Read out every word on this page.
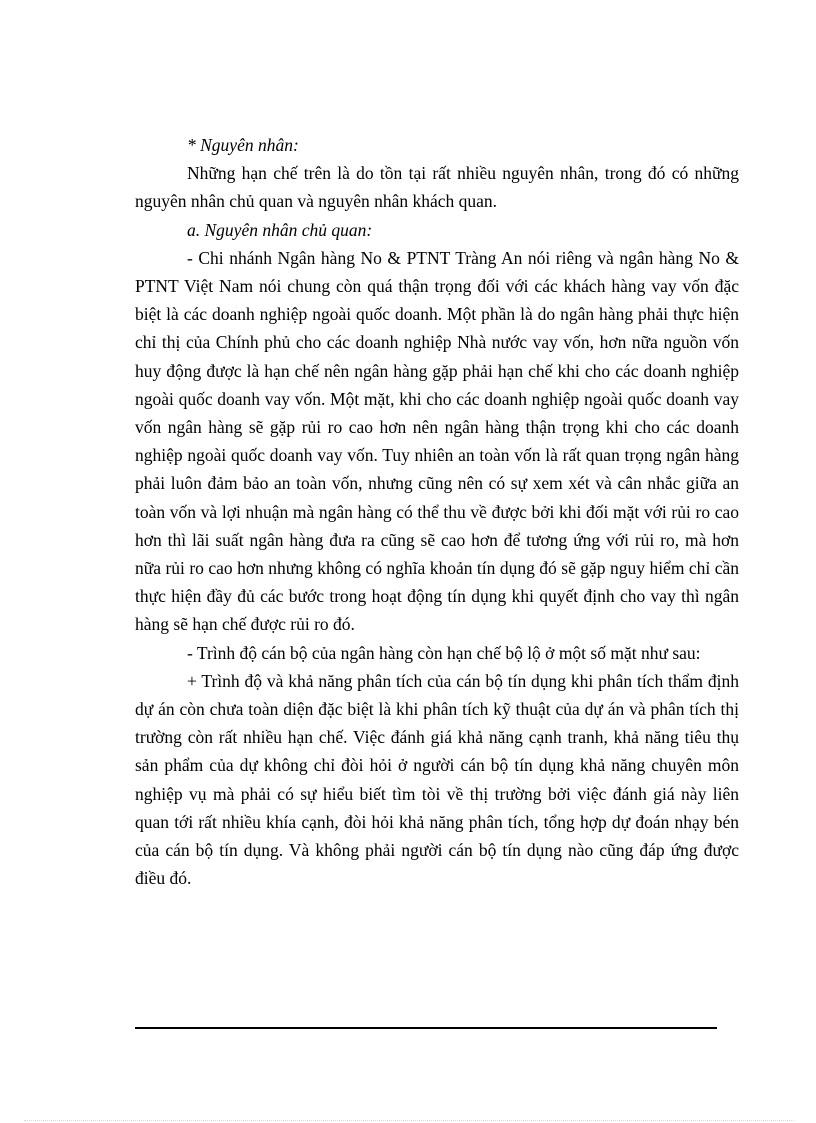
* Nguyên nhân:

Những hạn chế trên là do tồn tại rất nhiều nguyên nhân, trong đó có những nguyên nhân chủ quan và nguyên nhân khách quan.

a. Nguyên nhân chủ quan:

- Chi nhánh Ngân hàng No & PTNT Tràng An nói riêng và ngân hàng No & PTNT Việt Nam nói chung còn quá thận trọng đối với các khách hàng vay vốn đặc biệt là các doanh nghiệp ngoài quốc doanh. Một phần là do ngân hàng phải thực hiện chỉ thị của Chính phủ cho các doanh nghiệp Nhà nước vay vốn, hơn nữa nguồn vốn huy động được là hạn chế nên ngân hàng gặp phải hạn chế khi cho các doanh nghiệp ngoài quốc doanh vay vốn. Một mặt, khi cho các doanh nghiệp ngoài quốc doanh vay vốn ngân hàng sẽ gặp rủi ro cao hơn nên ngân hàng thận trọng khi cho các doanh nghiệp ngoài quốc doanh vay vốn. Tuy nhiên an toàn vốn là rất quan trọng ngân hàng phải luôn đảm bảo an toàn vốn, nhưng cũng nên có sự xem xét và cân nhắc giữa an toàn vốn và lợi nhuận mà ngân hàng có thể thu về được bởi khi đối mặt với rủi ro cao hơn thì lãi suất ngân hàng đưa ra cũng sẽ cao hơn để tương ứng với rủi ro, mà hơn nữa rủi ro cao hơn nhưng không có nghĩa khoản tín dụng đó sẽ gặp nguy hiểm chỉ cần thực hiện đầy đủ các bước trong hoạt động tín dụng khi quyết định cho vay thì ngân hàng sẽ hạn chế được rủi ro đó.

- Trình độ cán bộ của ngân hàng còn hạn chế bộ lộ ở một số mặt như sau:

+ Trình độ và khả năng phân tích của cán bộ tín dụng khi phân tích thẩm định dự án còn chưa toàn diện đặc biệt là khi phân tích kỹ thuật của dự án và phân tích thị trường còn rất nhiều hạn chế. Việc đánh giá khả năng cạnh tranh, khả năng tiêu thụ sản phẩm của dự không chỉ đòi hỏi ở người cán bộ tín dụng khả năng chuyên môn nghiệp vụ mà phải có sự hiểu biết tìm tòi về thị trường bởi việc đánh giá này liên quan tới rất nhiều khía cạnh, đòi hỏi khả năng phân tích, tổng hợp dự đoán nhạy bén của cán bộ tín dụng. Và không phải người cán bộ tín dụng nào cũng đáp ứng được điều đó.
